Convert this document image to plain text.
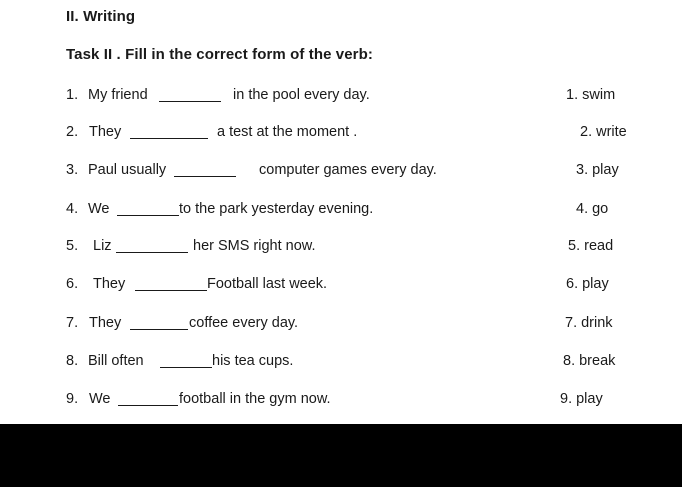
II. Writing
Task II . Fill in the correct form of the verb:
1. My friend	in the pool every day.	1. swim
2. They	a test at the moment .	2. write
3. Paul usually	computer games every day.	3. play
4. We	to the park yesterday evening.	4. go
5. Liz	her SMS right now.	5. read
6. They	Football last week.	6. play
7. They	coffee every day.	7. drink
8. Bill often	his tea cups.	8. break
9. We	football in the gym now.	9. play
